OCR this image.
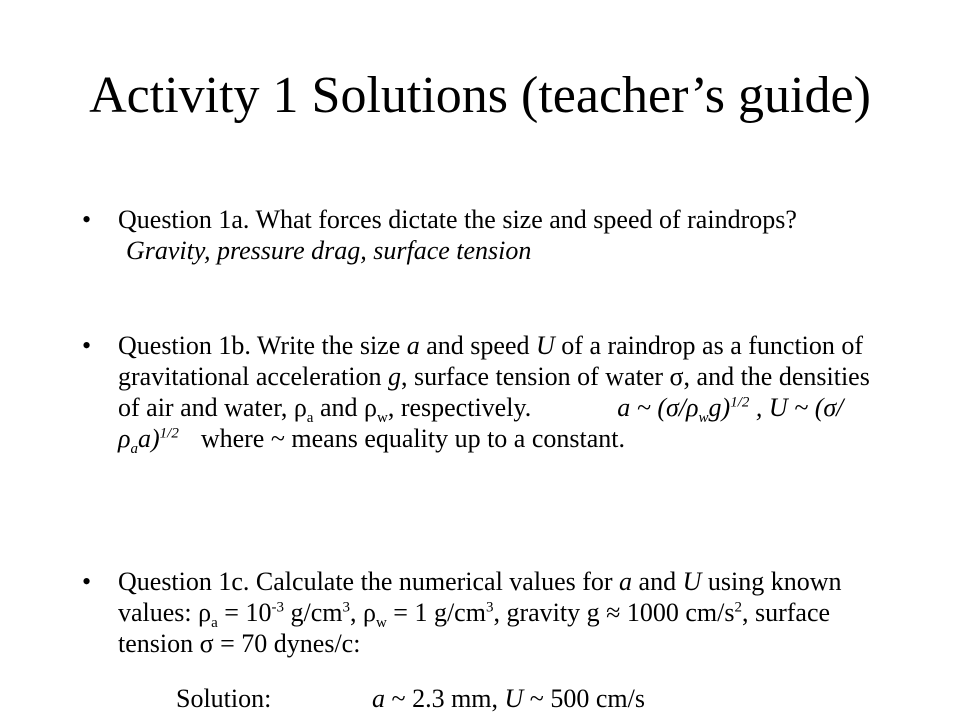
Activity 1 Solutions (teacher’s guide)
• Question 1a. What forces dictate the size and speed of raindrops? Gravity, pressure drag, surface tension
• Question 1b. Write the size a and speed U of a raindrop as a function of gravitational acceleration g, surface tension of water σ, and the densities of air and water, $\rho_a$ and $\rho_w$, respectively.	a ~ $(\sigma/\rho_wg)^{1/2}$ , U ~ $(\sigma/\rho_aa)^{1/2}$ where ~ means equality up to a constant.
• Question 1c. Calculate the numerical values for a and U using known values: $\rho_a = 10^{-3}$ $g/cm^3$, $\rho_w = 1$ $g/cm^3$, gravity g ≈ 1000 $cm/s^2$, surface tension σ = 70 dynes/c:
Solution:	a ~ 2.3 mm, U ~ 500 cm/s
